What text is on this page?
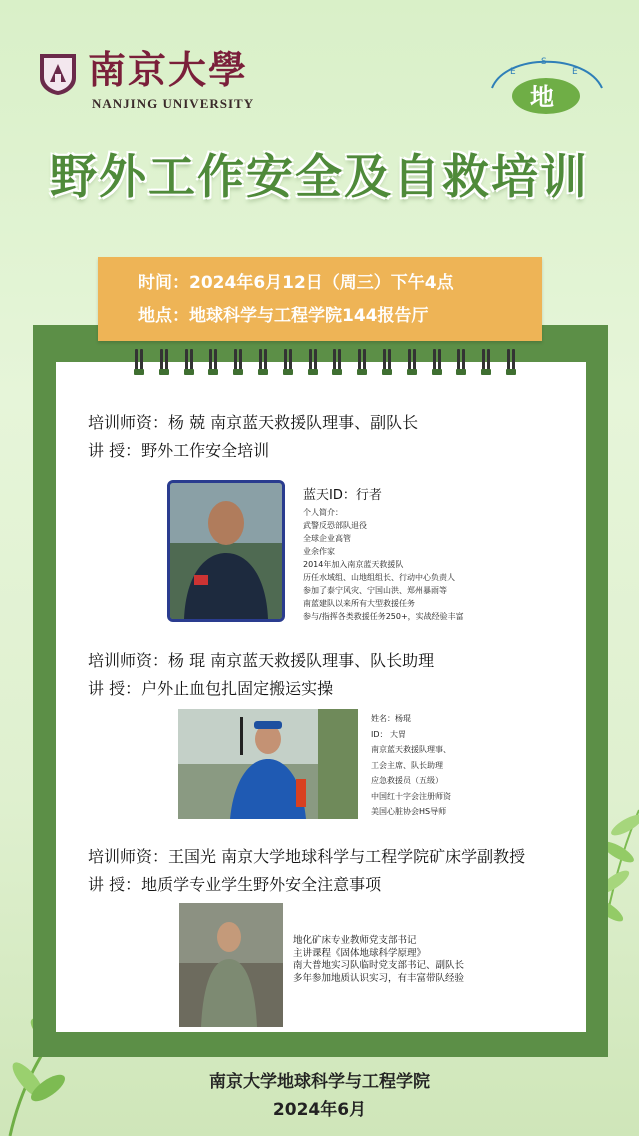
南京大學
NANJING UNIVERSITY
E
S
E
地
野外工作安全及自救培训
时间：2024年6月12日（周三）下午4点
地点：地球科学与工程学院144报告厅
培训师资：杨 兢 南京蓝天救援队理事、副队长
讲 授：野外工作安全培训
蓝天ID：行者
个人简介：
武警反恐部队退役
全球企业高管
业余作家
2014年加入南京蓝天救援队
历任水域组、山地组组长、行动中心负责人
参加了泰宁风灾、宁国山洪、郑州暴雨等
南蓝建队以来所有大型救援任务
参与/指挥各类救援任务250+，实战经验丰富
培训师资：杨 琨 南京蓝天救援队理事、队长助理
讲 授：户外止血包扎固定搬运实操
姓名：杨琨
ID： 大胃
南京蓝天救援队理事、
工会主席、队长助理
应急救援员（五级）
中国红十字会注册师资
美国心脏协会HS导师
培训师资：王国光 南京大学地球科学与工程学院矿床学副教授
讲 授：地质学专业学生野外安全注意事项
地化矿床专业教师党支部书记
主讲课程《固体地球科学原理》
南大普地实习队临时党支部书记、副队长
多年参加地质认识实习，有丰富带队经验
南京大学地球科学与工程学院
2024年6月
